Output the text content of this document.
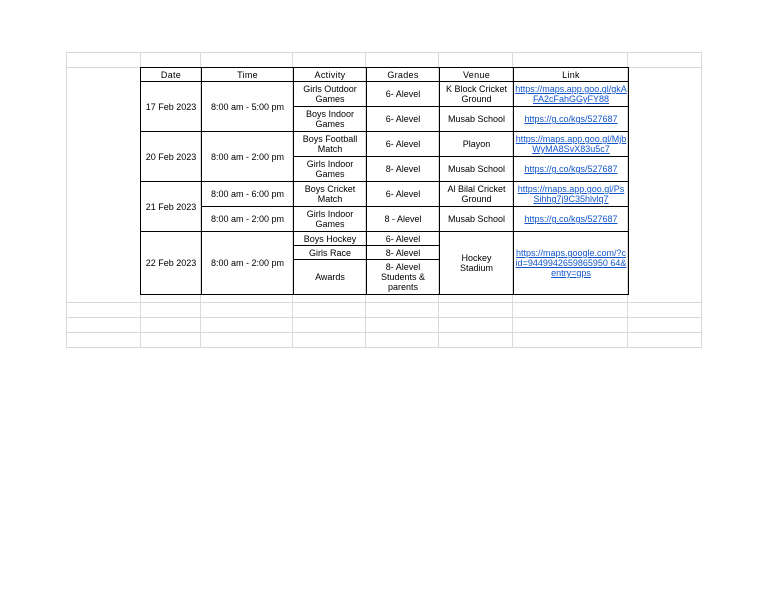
Date	Time	Activity	Grades	Venue	Link
17 Feb 2023	8:00 am - 5:00 pm	Girls Outdoor Games	6- Alevel	K Block Cricket Ground	https://maps.app.goo.gl/gkAFA2cFahGGyFY88
		Boys Indoor Games	6- Alevel	Musab School	https://g.co/kgs/527687
20 Feb 2023	8:00 am - 2:00 pm	Boys Football Match	6- Alevel	Playon	https://maps.app.goo.gl/MjbWyMA8SvX83u5c7
		Girls Indoor Games	8- Alevel	Musab School	https://g.co/kgs/527687
21 Feb 2023	8:00 am - 6:00 pm	Boys Cricket Match	6- Alevel	Al Bilal Cricket Ground	https://maps.app.goo.gl/PsSihhg7j9C35hlvlq7
	8:00 am - 2:00 pm	Girls Indoor Games	8 - Alevel	Musab School	https://g.co/kgs/527687
22 Feb 2023	8:00 am - 2:00 pm	Boys Hockey	6- Alevel	Hockey Stadium	https://maps.google.com/?cid=9449942659865950 64&entry=gps
		Girls Race	8- Alevel		
		Awards	8- Alevel Students & parents		
